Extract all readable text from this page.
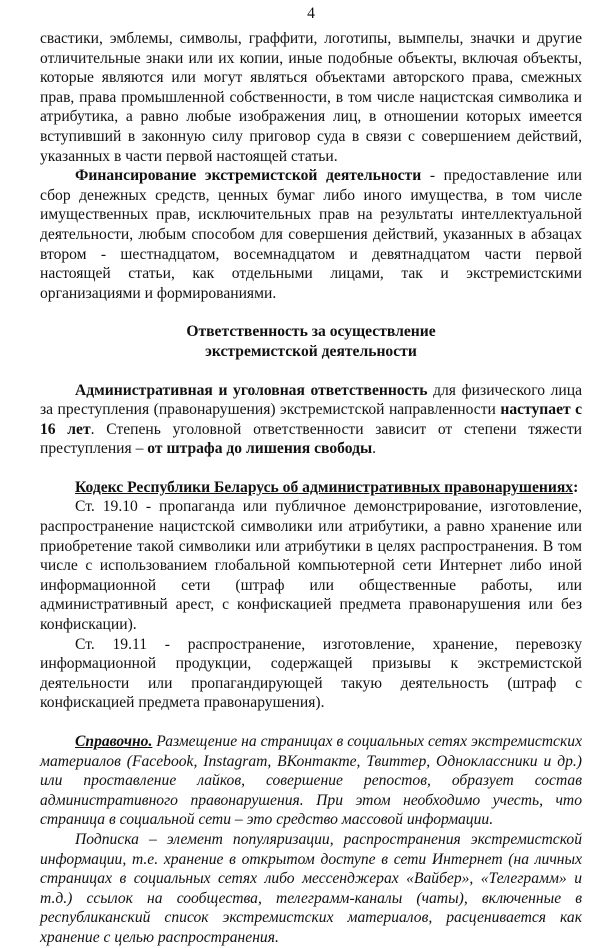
4

свастики, эмблемы, символы, граффити, логотипы, вымпелы, значки и другие отличительные знаки или их копии, иные подобные объекты, включая объекты, которые являются или могут являться объектами авторского права, смежных прав, права промышленной собственности, в том числе нацистская символика и атрибутика, а равно любые изображения лиц, в отношении которых имеется вступивший в законную силу приговор суда в связи с совершением действий, указанных в части первой настоящей статьи.

Финансирование экстремистской деятельности - предоставление или сбор денежных средств, ценных бумаг либо иного имущества, в том числе имущественных прав, исключительных прав на результаты интеллектуальной деятельности, любым способом для совершения действий, указанных в абзацах втором - шестнадцатом, восемнадцатом и девятнадцатом части первой настоящей статьи, как отдельными лицами, так и экстремистскими организациями и формированиями.

Ответственность за осуществление
экстремистской деятельности

Административная и уголовная ответственность для физического лица за преступления (правонарушения) экстремистской направленности наступает с 16 лет. Степень уголовной ответственности зависит от степени тяжести преступления – от штрафа до лишения свободы.

Кодекс Республики Беларусь об административных правонарушениях:

Ст. 19.10 - пропаганда или публичное демонстрирование, изготовление, распространение нацистской символики или атрибутики, а равно хранение или приобретение такой символики или атрибутики в целях распространения. В том числе с использованием глобальной компьютерной сети Интернет либо иной информационной сети (штраф или общественные работы, или административный арест, с конфискацией предмета правонарушения или без конфискации).

Ст. 19.11 - распространение, изготовление, хранение, перевозку информационной продукции, содержащей призывы к экстремистской деятельности или пропагандирующей такую деятельность (штраф с конфискацией предмета правонарушения).

Справочно. Размещение на страницах в социальных сетях экстремистских материалов (Facebook, Instagram, ВКонтакте, Твиттер, Одноклассники и др.) или проставление лайков, совершение репостов, образует состав административного правонарушения. При этом необходимо учесть, что страница в социальной сети – это средство массовой информации.

Подписка – элемент популяризации, распространения экстремистской информации, т.е. хранение в открытом доступе в сети Интернет (на личных страницах в социальных сетях либо мессенджерах «Вайбер», «Телеграмм» и т.д.) ссылок на сообщества, телеграмм-каналы (чаты), включенные в республиканский список экстремистских материалов, расценивается как хранение с целью распространения.
